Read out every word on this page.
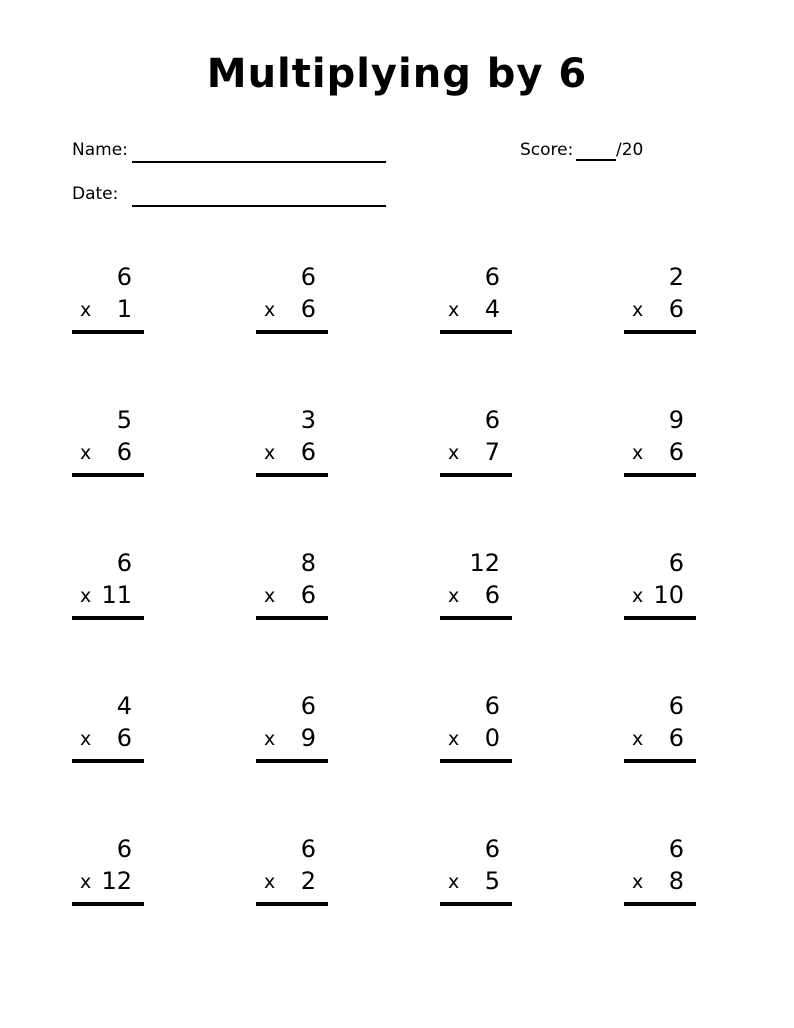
Multiplying by 6
Name:
Date:
Score:	/20
6
x 1
6
x 6
6
x 4
2
x 6
5
x 6
3
x 6
6
x 7
9
x 6
6
x 11
8
x 6
12
x 6
6
x 10
4
x 6
6
x 9
6
x 0
6
x 6
6
x 12
6
x 2
6
x 5
6
x 8
